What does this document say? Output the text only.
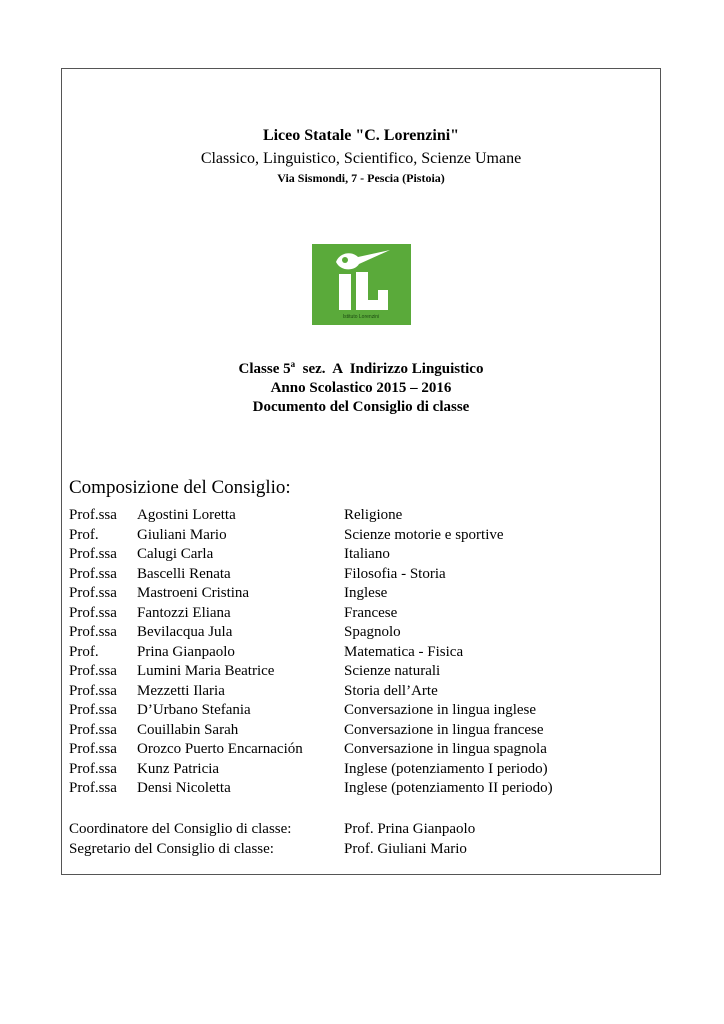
Liceo Statale "C. Lorenzini"
Classico, Linguistico, Scientifico, Scienze Umane
Via Sismondi, 7 - Pescia (Pistoia)
Istituto Lorenzini
Classe 5$^a$  sez.  A  Indirizzo Linguistico
Anno Scolastico 2015 – 2016
Documento del Consiglio di classe
Composizione del Consiglio:
Prof.ssa Agostini Loretta	Religione
Prof.	Giuliani Mario	Scienze motorie e sportive
Prof.ssa Calugi Carla	Italiano
Prof.ssa Bascelli Renata	Filosofia - Storia
Prof.ssa Mastroeni Cristina	Inglese
Prof.ssa Fantozzi Eliana	Francese
Prof.ssa Bevilacqua Jula	Spagnolo
Prof.	Prina Gianpaolo	Matematica - Fisica
Prof.ssa Lumini Maria Beatrice	Scienze naturali
Prof.ssa Mezzetti Ilaria	Storia dell’Arte
Prof.ssa D’Urbano Stefania	Conversazione in lingua inglese
Prof.ssa Couillabin Sarah	Conversazione in lingua francese
Prof.ssa Orozco Puerto Encarnación	Conversazione in lingua spagnola
Prof.ssa Kunz Patricia	Inglese (potenziamento I periodo)
Prof.ssa Densi Nicoletta	Inglese (potenziamento II periodo)
Coordinatore del Consiglio di classe:	Prof. Prina Gianpaolo
Segretario del Consiglio di classe:	Prof. Giuliani Mario
